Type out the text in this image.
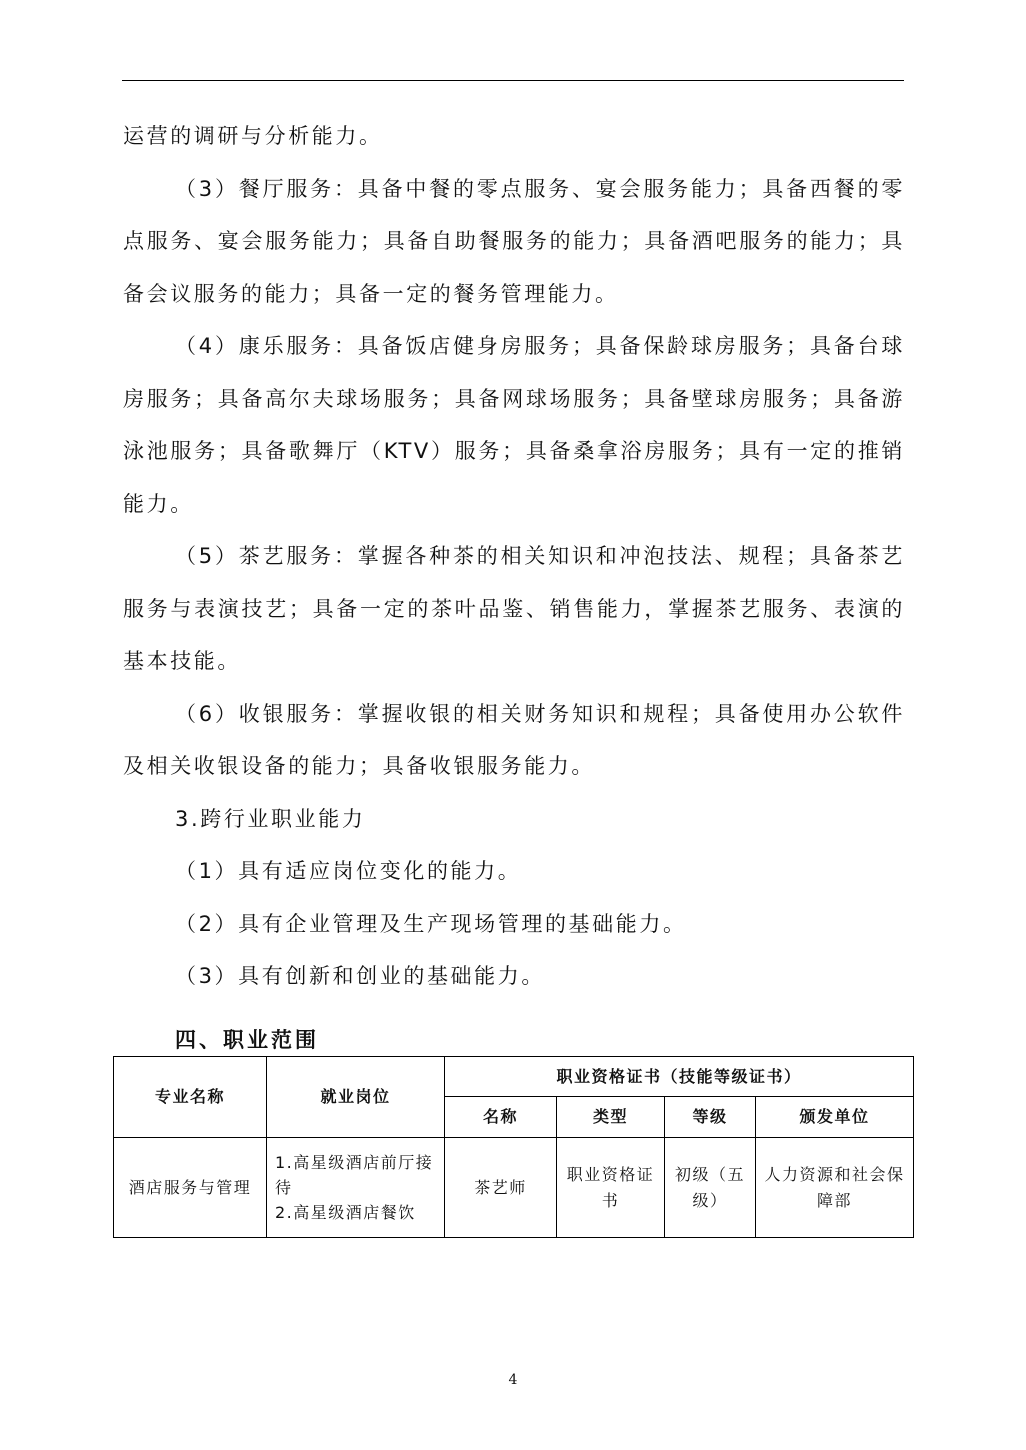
运营的调研与分析能力。

（3）餐厅服务：具备中餐的零点服务、宴会服务能力；具备西餐的零点服务、宴会服务能力；具备自助餐服务的能力；具备酒吧服务的能力；具备会议服务的能力；具备一定的餐务管理能力。

（4）康乐服务：具备饭店健身房服务；具备保龄球房服务；具备台球房服务；具备高尔夫球场服务；具备网球场服务；具备壁球房服务；具备游泳池服务；具备歌舞厅（KTV）服务；具备桑拿浴房服务；具有一定的推销能力。

（5）茶艺服务：掌握各种茶的相关知识和冲泡技法、规程；具备茶艺服务与表演技艺；具备一定的茶叶品鉴、销售能力，掌握茶艺服务、表演的基本技能。

（6）收银服务：掌握收银的相关财务知识和规程；具备使用办公软件及相关收银设备的能力；具备收银服务能力。

3.跨行业职业能力

（1）具有适应岗位变化的能力。

（2）具有企业管理及生产现场管理的基础能力。

（3）具有创新和创业的基础能力。

四、职业范围
专业名称	就业岗位	职业资格证书（技能等级证书）			
		名称	类型	等级	颁发单位
酒店服务与管理	1.高星级酒店前厅接待
2.高星级酒店餐饮	茶艺师	职业资格证书	初级（五级）	人力资源和社会保障部
4
